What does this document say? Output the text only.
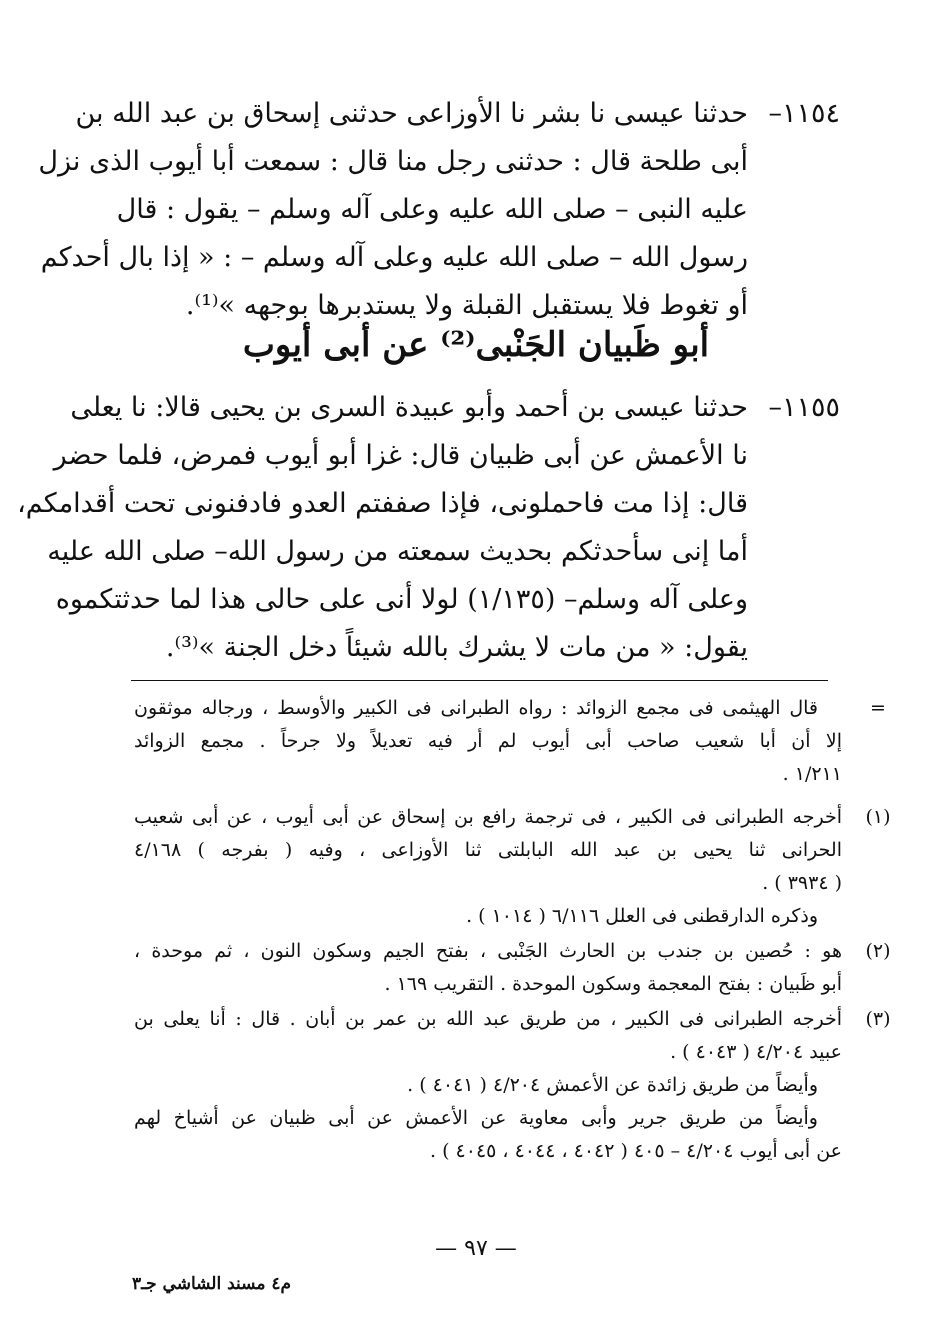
١١٥٤–
حدثنا عيسى نا بشر نا الأوزاعى حدثنى إسحاق بن عبد الله بن
أبى طلحة قال : حدثنى رجل منا قال : سمعت أبا أيوب الذى نزل
عليه النبى – صلى الله عليه وعلى آله وسلم – يقول : قال
رسول الله – صلى الله عليه وعلى آله وسلم – : « إذا بال أحدكم
أو تغوط فلا يستقبل القبلة ولا يستدبرها بوجهه »⁽¹⁾.
أبو ظَبيان الجَنْبى⁽²⁾ عن أبى أيوب
١١٥٥–
حدثنا عيسى بن أحمد وأبو عبيدة السرى بن يحيى قالا: نا يعلى
نا الأعمش عن أبى ظبيان قال: غزا أبو أيوب فمرض، فلما حضر
قال: إذا مت فاحملونى، فإذا صففتم العدو فادفنونى تحت أقدامكم،
أما إنى سأحدثكم بحديث سمعته من رسول الله– صلى الله عليه
وعلى آله وسلم– (١/١٣٥) لولا أنى على حالى هذا لما حدثتكموه
يقول: « من مات لا يشرك بالله شيئاً دخل الجنة »⁽³⁾.
=
قال الهيثمى فى مجمع الزوائد : رواه الطبرانى فى الكبير والأوسط ، ورجاله موثقون
إلا أن أبا شعيب صاحب أبى أيوب لم أر فيه تعديلاً ولا جرحاً . مجمع الزوائد
١/٢١١ .
(١)
أخرجه الطبرانى فى الكبير ، فى ترجمة رافع بن إسحاق عن أبى أيوب ، عن أبى شعيب
الحرانى ثنا يحيى بن عبد الله البابلتى ثنا الأوزاعى ، وفيه ( بفرجه ) ٤/١٦٨
( ٣٩٣٤ ) .
وذكره الدارقطنى فى العلل ٦/١١٦ ( ١٠١٤ ) .
(٢)
هو : حُصين بن جندب بن الحارث الجَنْبى ، بفتح الجيم وسكون النون ، ثم موحدة ،
أبو ظَبيان : بفتح المعجمة وسكون الموحدة . التقريب ١٦٩ .
(٣)
أخرجه الطبرانى فى الكبير ، من طريق عبد الله بن عمر بن أبان . قال : أنا يعلى بن
عبيد ٤/٢٠٤ ( ٤٠٤٣ ) .
وأيضاً من طريق زائدة عن الأعمش ٤/٢٠٤ ( ٤٠٤١ ) .
وأيضاً من طريق جرير وأبى معاوية عن الأعمش عن أبى ظبيان عن أشياخ لهم
عن أبى أيوب ٤/٢٠٤ – ٤٠٥ ( ٤٠٤٢ ، ٤٠٤٤ ، ٤٠٤٥ ) .
— ٩٧ —
م٤ مسند الشاشي جـ٣
